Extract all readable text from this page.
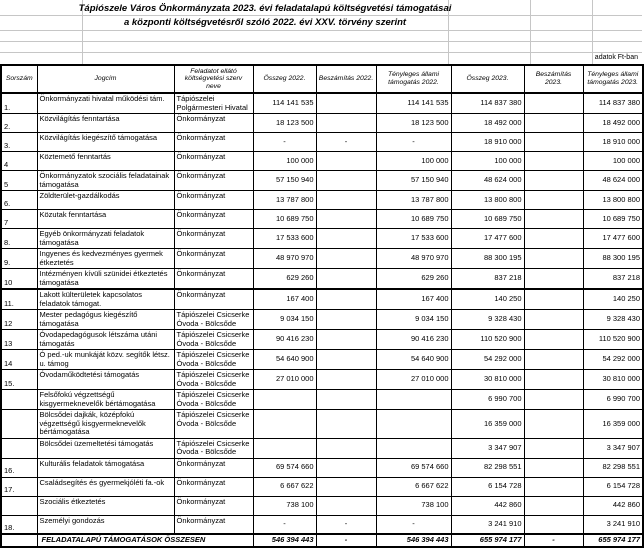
Tápiószele Város Önkormányzata 2023. évi feladatalapú költségvetési támogatásai
a központi költségvetésről szóló 2022. évi XXV. törvény szerint
adatok Ft-ban
Sorszám	Jogcím	Feladatot ellátó költségvetési szerv neve	Összeg 2022.	Beszámítás 2022.	Tényleges állami támogatás 2022.	Összeg 2023.	Beszámítás 2023.	Tényleges állami támogatás 2023.
1.	Önkormányzati hivatal működési tám.	Tápiószelei Polgármesteri Hivatal	114 141 535		114 141 535	114 837 380		114 837 380
2.	Közvilágítás fenntartása	Önkormányzat	18 123 500		18 123 500	18 492 000		18 492 000
3.	Közvilágítás kiegészítő támogatása	Önkormányzat	-	-	-	18 910 000		18 910 000
4	Köztemető fenntartás	Önkormányzat	100 000		100 000	100 000		100 000
5	Önkormányzatok szociális feladatainak támogatása	Önkormányzat	57 150 940		57 150 940	48 624 000		48 624 000
6.	Zöldterület-gazdálkodás	Önkormányzat	13 787 800		13 787 800	13 800 800		13 800 800
7	Közutak fenntartása	Önkormányzat	10 689 750		10 689 750	10 689 750		10 689 750
8.	Egyéb önkormányzati feladatok támogatása	Önkormányzat	17 533 600		17 533 600	17 477 600		17 477 600
9.	Ingyenes és kedvezményes gyermek étkeztetés	Önkormányzat	48 970 970		48 970 970	88 300 195		88 300 195
10	Intézményen kívüli szünidei étkeztetés támogatása	Önkormányzat	629 260		629 260	837 218		837 218
11.	Lakott külterületek kapcsolatos feladatok támogat.	Önkormányzat	167 400		167 400	140 250		140 250
12	Mester pedagógus kiegészítő támogatása	Tápiószelei Csicserke Óvoda - Bölcsőde	9 034 150		9 034 150	9 328 430		9 328 430
13	Óvodapedagógusok létszáma utáni támogatás	Tápiószelei Csicserke Óvoda - Bölcsőde	90 416 230		90 416 230	110 520 900		110 520 900
14	Ó ped.-uk munkáját közv. segítők létsz. u. támog	Tápiószelei Csicserke Óvoda - Bölcsőde	54 640 900		54 640 900	54 292 000		54 292 000
15.	Óvodaműködtetési támogatás	Tápiószelei Csicserke Óvoda - Bölcsőde	27 010 000		27 010 000	30 810 000		30 810 000
	Felsőfokú végzettségű kisgyermeknevelők bértámogatása	Tápiószelei Csicserke Óvoda - Bölcsőde				6 990 700		6 990 700
	Bölcsődei dajkák, középfokú végzettségű kisgyermeknevelők bértámogatása	Tápiószelei Csicserke Óvoda - Bölcsőde				16 359 000		16 359 000
	Bölcsődei üzemeltetési támogatás	Tápiószelei Csicserke Óvoda - Bölcsőde				3 347 907		3 347 907
16.	Kulturális feladatok támogatása	Önkormányzat	69 574 660		69 574 660	82 298 551		82 298 551
17.	Családsegítés és gyermekjóléti fa.-ok	Önkormányzat	6 667 622		6 667 622	6 154 728		6 154 728
	Szociális étkeztetés	Önkormányzat	738 100		738 100	442 860		442 860
18.	Személyi gondozás	Önkormányzat	-	-	-	3 241 910		3 241 910
	FELADATALAPÚ TÁMOGATÁSOK ÖSSZESEN		546 394 443	-	546 394 443	655 974 177	-	655 974 177
